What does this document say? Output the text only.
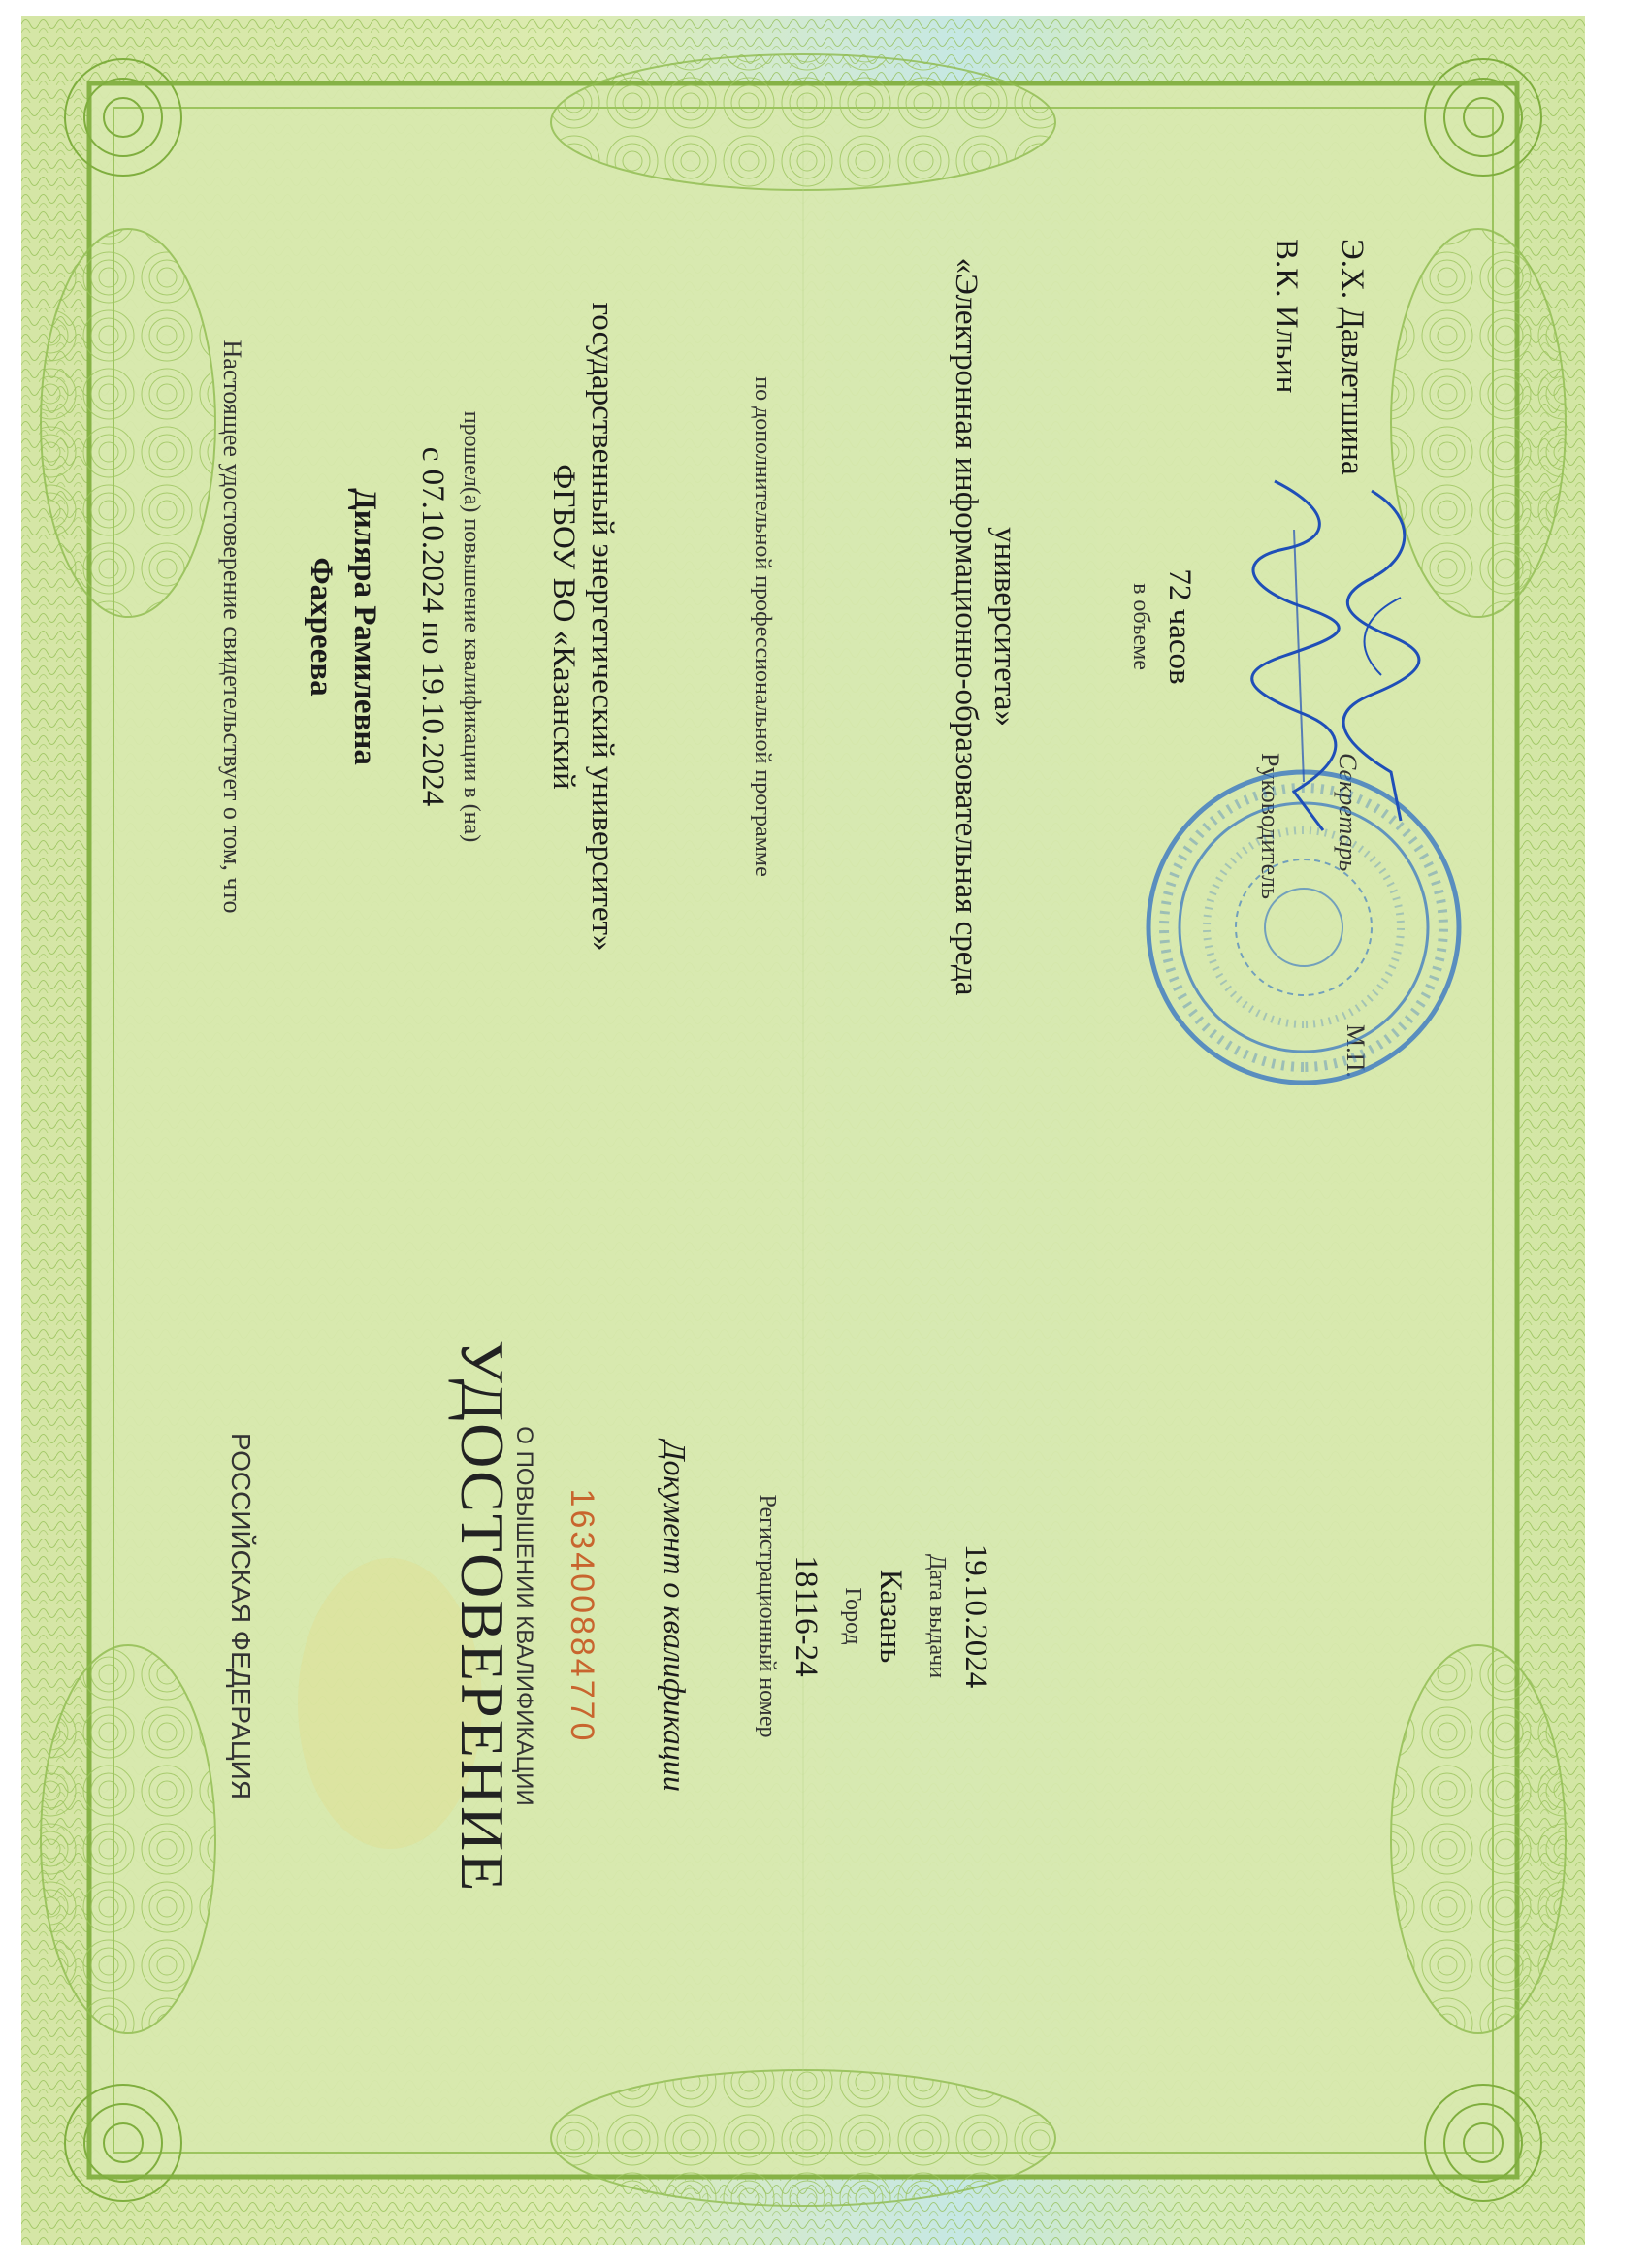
РОССИЙСКАЯ ФЕДЕРАЦИЯ	УДОСТОВЕРЕНИЕ
О ПОВЫШЕНИИ КВАЛИФИКАЦИИ 163400884770 Документ о квалификации	Регистрационный номер 18116-24 Город Казань Дата выдачи 19.10.2024
Настоящее удостоверение свидетельствует о том, что Фахреева Диляра Рамилевна с 07.10.2024 по 19.10.2024 прошел(а) повышение квалификации в (на) ФГБОУ ВО «Казанский государственный энергетический университет»	по дополнительной профессиональной программе	«Электронная информационно-образовательная среда университета»	в объеме 72 часов
Руководитель
В.К. Ильин
Секретарь
Э.Х. Давлетшина
М.П.
